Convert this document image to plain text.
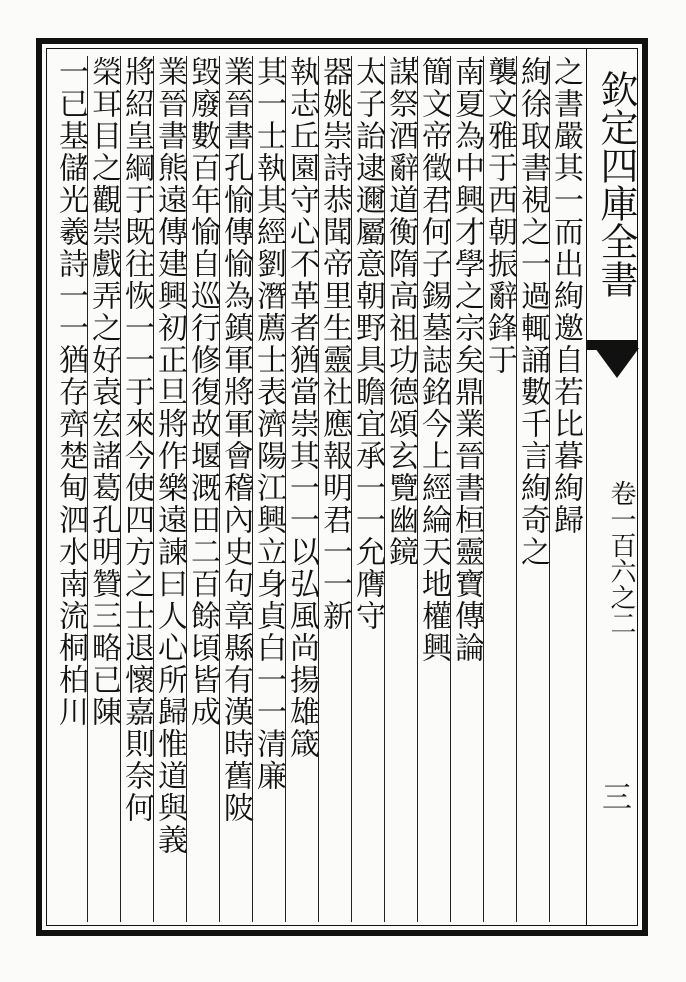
欽定四庫全書
卷一百六之二
三
之書嚴其一而出絢邀自若比暮絢歸
絢徐取書視之一過輒誦數千言絢奇之
襲文雅于西朝振辭鋒于
南夏為中興才學之宗矣鼎業晉書桓靈寶傳論
簡文帝徵君何子錫墓誌銘今上經綸天地權興
謀祭酒辭道衡隋高祖功德頌玄覽幽鏡
太子詒逮邇屬意朝野具瞻宜承一一允膺守
器姚崇詩恭聞帝里生靈社應報明君一一新
執志丘園守心不革者猶當崇其一一以弘風尚揚雄箴
其一士執其經劉潛薦士表濟陽江興立身貞白一一清廉
業晉書孔愉傳愉為鎮軍將軍會稽內史句章縣有漢時舊陂
毀廢數百年愉自巡行修復故堰溉田二百餘頃皆成
業晉書熊遠傳建興初正旦將作樂遠諫曰人心所歸惟道與義
將紹皇綱于既往恢一一于來今使四方之士退懷嘉則奈何
榮耳目之觀崇戲弄之好袁宏諸葛孔明贊三略已陳
一已基儲光羲詩一一猶存齊楚甸泗水南流桐柏川
